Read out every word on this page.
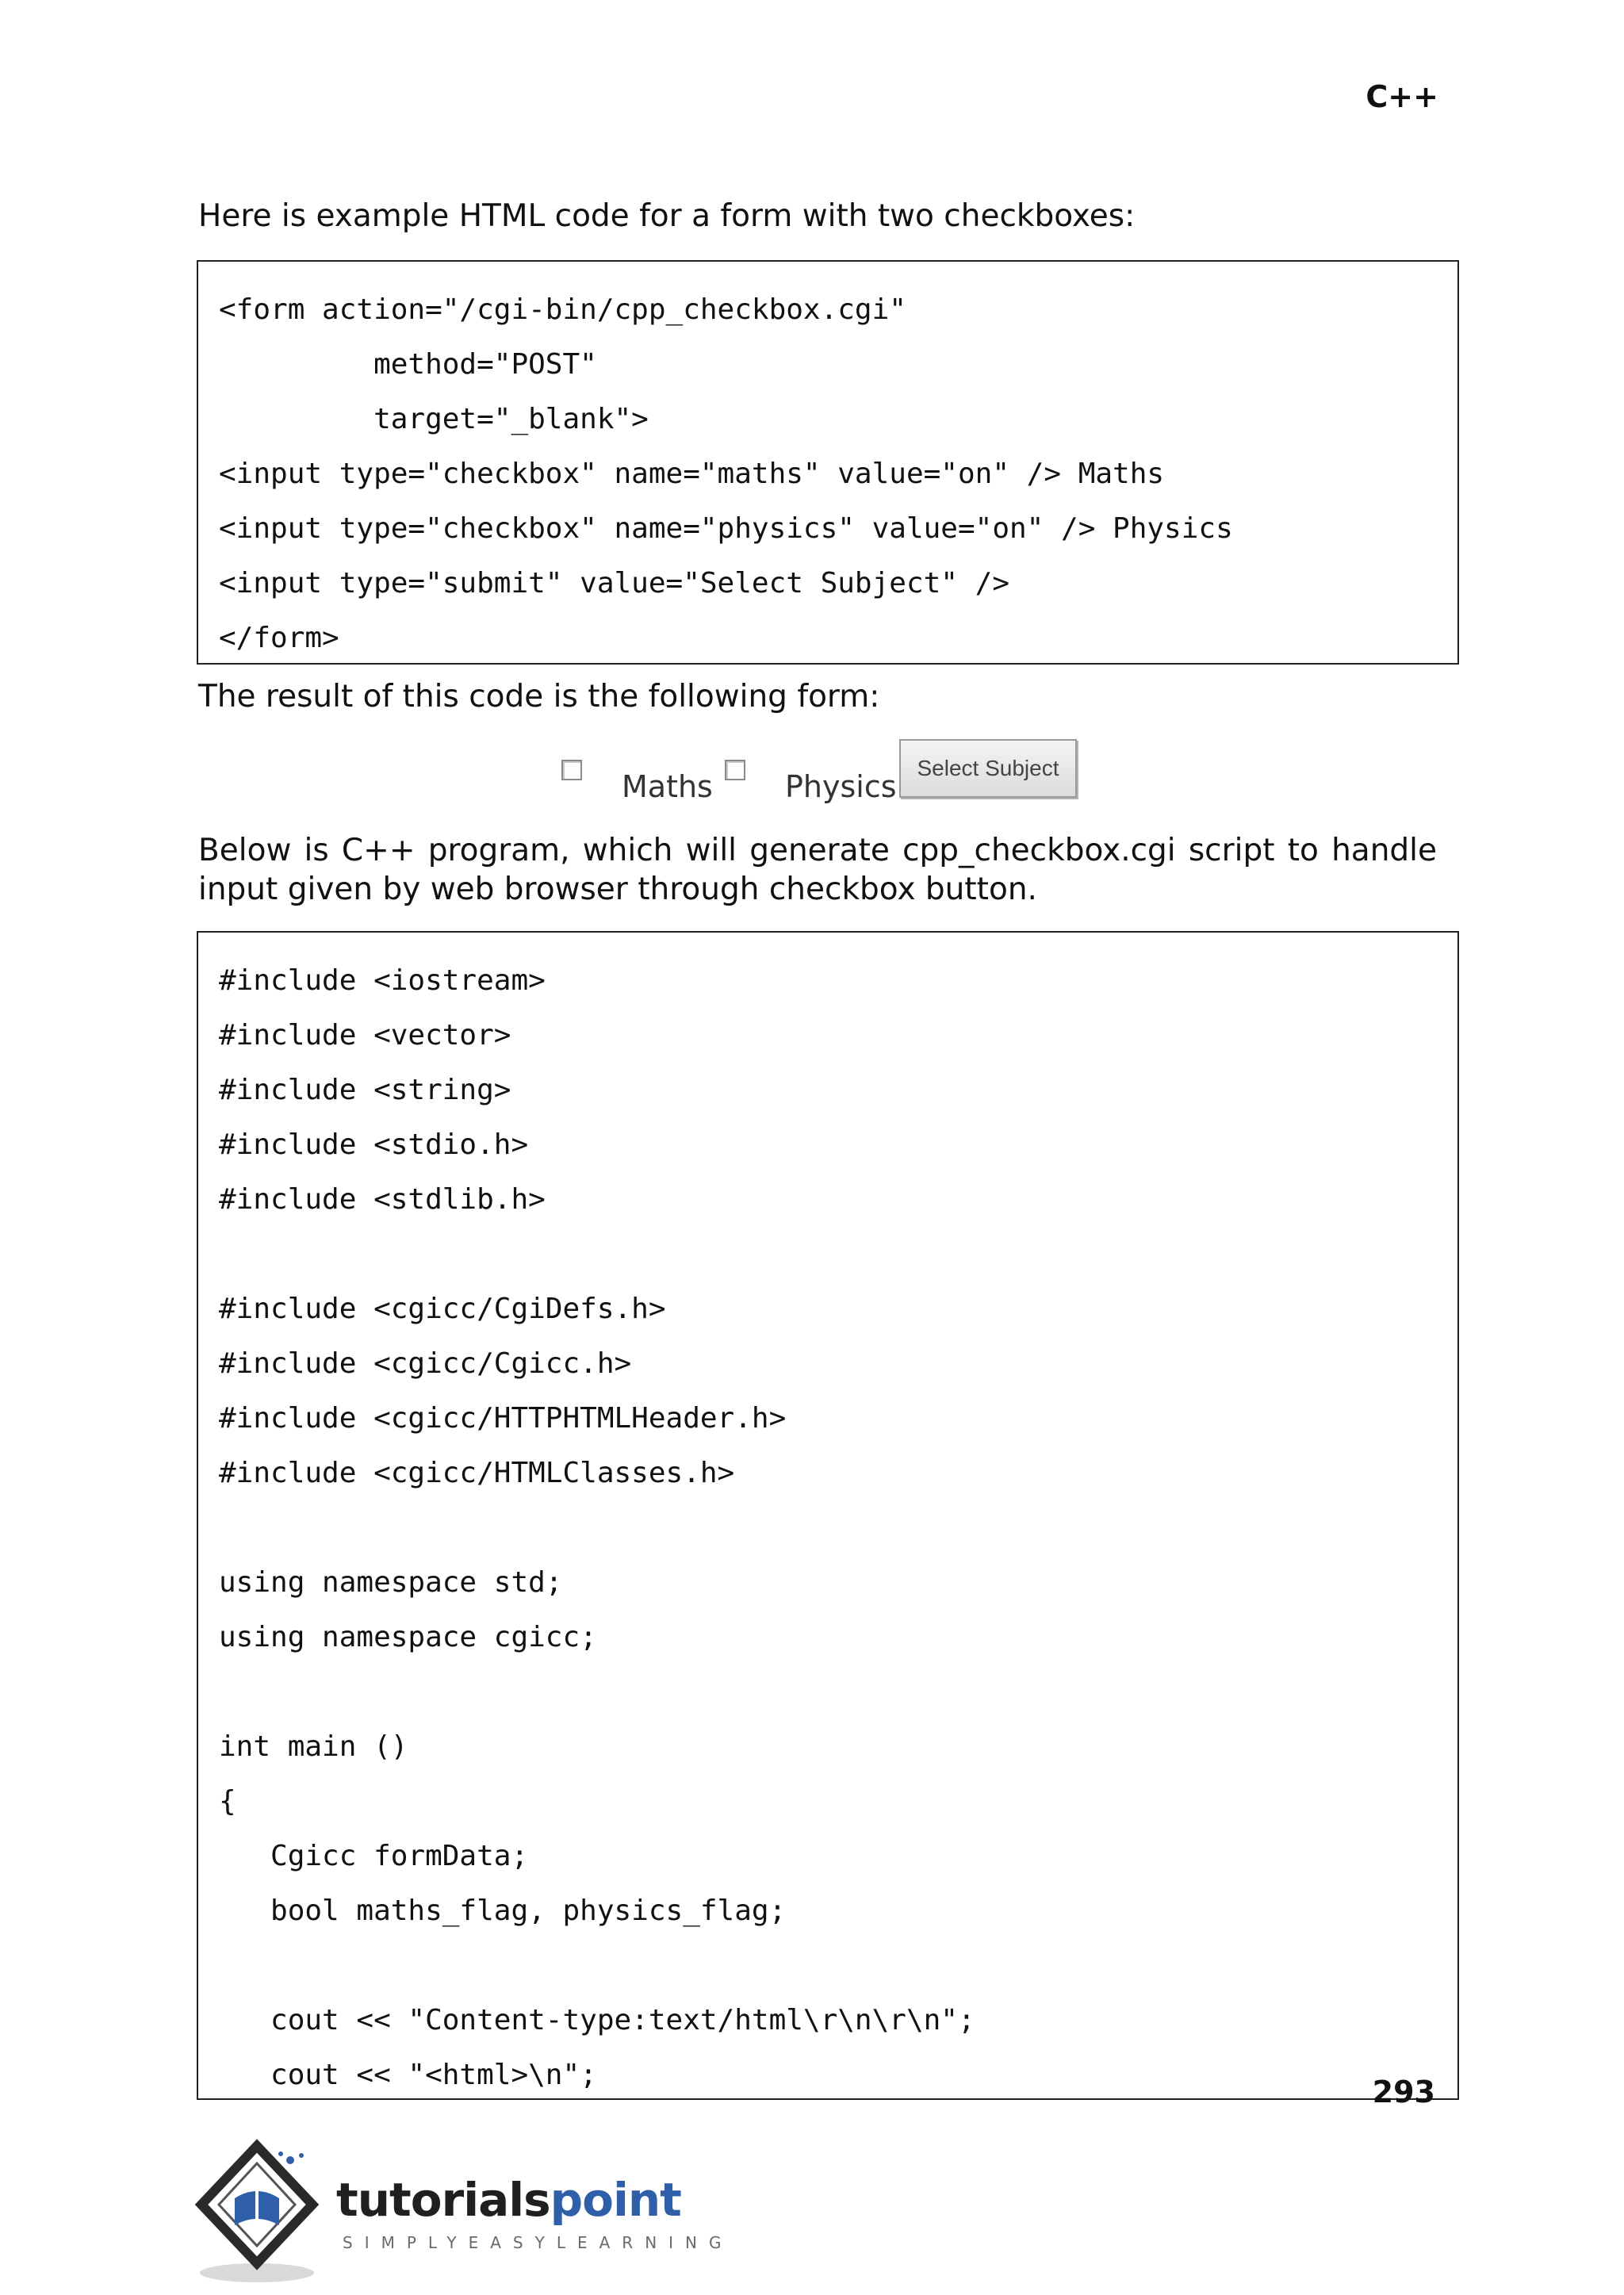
C++

Here is example HTML code for a form with two checkboxes:

<form action="/cgi-bin/cpp_checkbox.cgi"
method="POST"
target="_blank">
<input type="checkbox" name="maths" value="on" /> Maths
<input type="checkbox" name="physics" value="on" /> Physics
<input type="submit" value="Select Subject" />
</form>

The result of this code is the following form:

Maths Physics
Select Subject

Below is C++ program, which will generate cpp_checkbox.cgi script to handle input given by web browser through checkbox button.

#include <iostream>
#include <vector>
#include <string>
#include <stdio.h>
#include <stdlib.h>
#include <cgicc/CgiDefs.h>
#include <cgicc/Cgicc.h>
#include <cgicc/HTTPHTMLHeader.h>
#include <cgicc/HTMLClasses.h>
using namespace std;
using namespace cgicc;
int main ()
{
Cgicc formData;
bool maths_flag, physics_flag;
cout << "Content-type:text/html\r\n\r\n";
cout << "<html>\n";	293
tutorialspoint
SIMPLYEASYLEARNING
